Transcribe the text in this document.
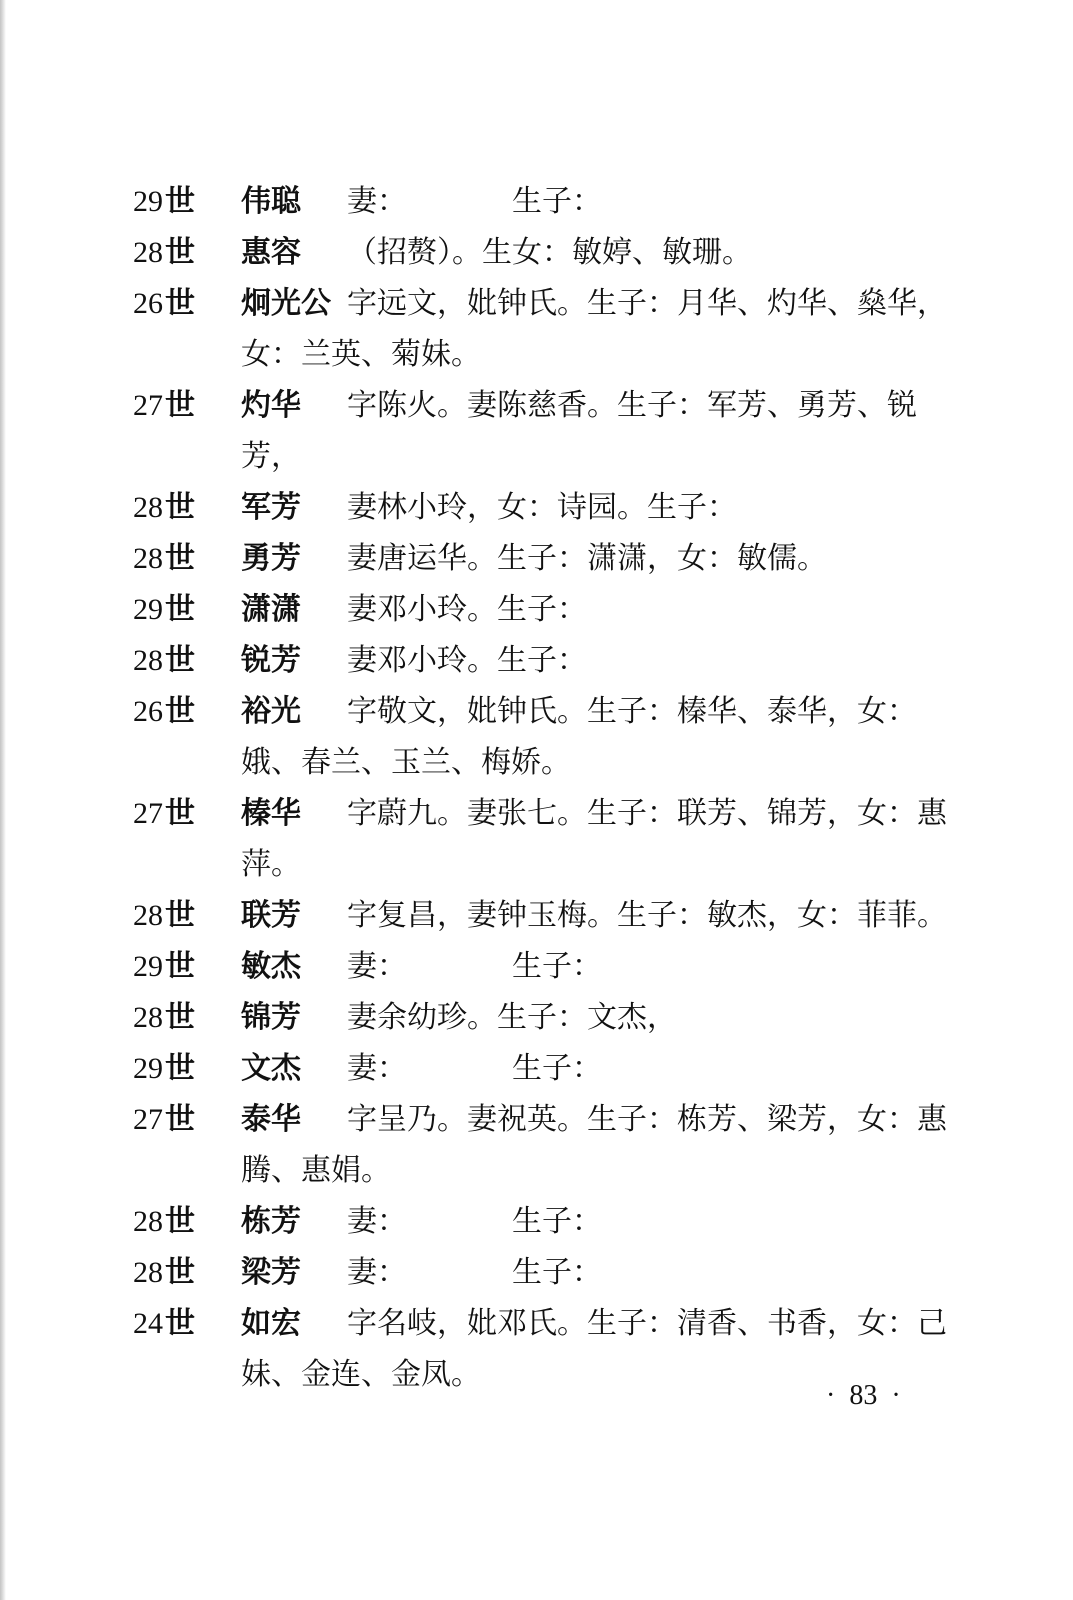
29世	伟聪 妻：　　　　生子：
28世	惠容 （招赘）。生女：敏婷、敏珊。
26世	炯光公 字远文，妣钟氏。生子：月华、灼华、燊华，女：兰英、菊妹。
27世	灼华 字陈火。妻陈慈香。生子：军芳、勇芳、锐芳，
28世	军芳 妻林小玲，女：诗园。生子：
28世	勇芳 妻唐运华。生子：潇潇，女：敏儒。
29世	潇潇 妻邓小玲。生子：
28世	锐芳 妻邓小玲。生子：
26世	裕光 字敬文，妣钟氏。生子：榛华、泰华，女：娥、春兰、玉兰、梅娇。
27世	榛华 字蔚九。妻张七。生子：联芳、锦芳，女：惠萍。
28世	联芳 字复昌，妻钟玉梅。生子：敏杰，女：菲菲。
29世	敏杰 妻：　　　　生子：
28世	锦芳 妻余幼珍。生子：文杰，
29世	文杰 妻：　　　　生子：
27世	泰华 字呈乃。妻祝英。生子：栋芳、梁芳，女：惠腾、惠娟。
28世	栋芳 妻：　　　　生子：
28世	梁芳 妻：　　　　生子：
24世	如宏 字名岐，妣邓氏。生子：清香、书香，女：己妹、金连、金凤。
· 83 ·
